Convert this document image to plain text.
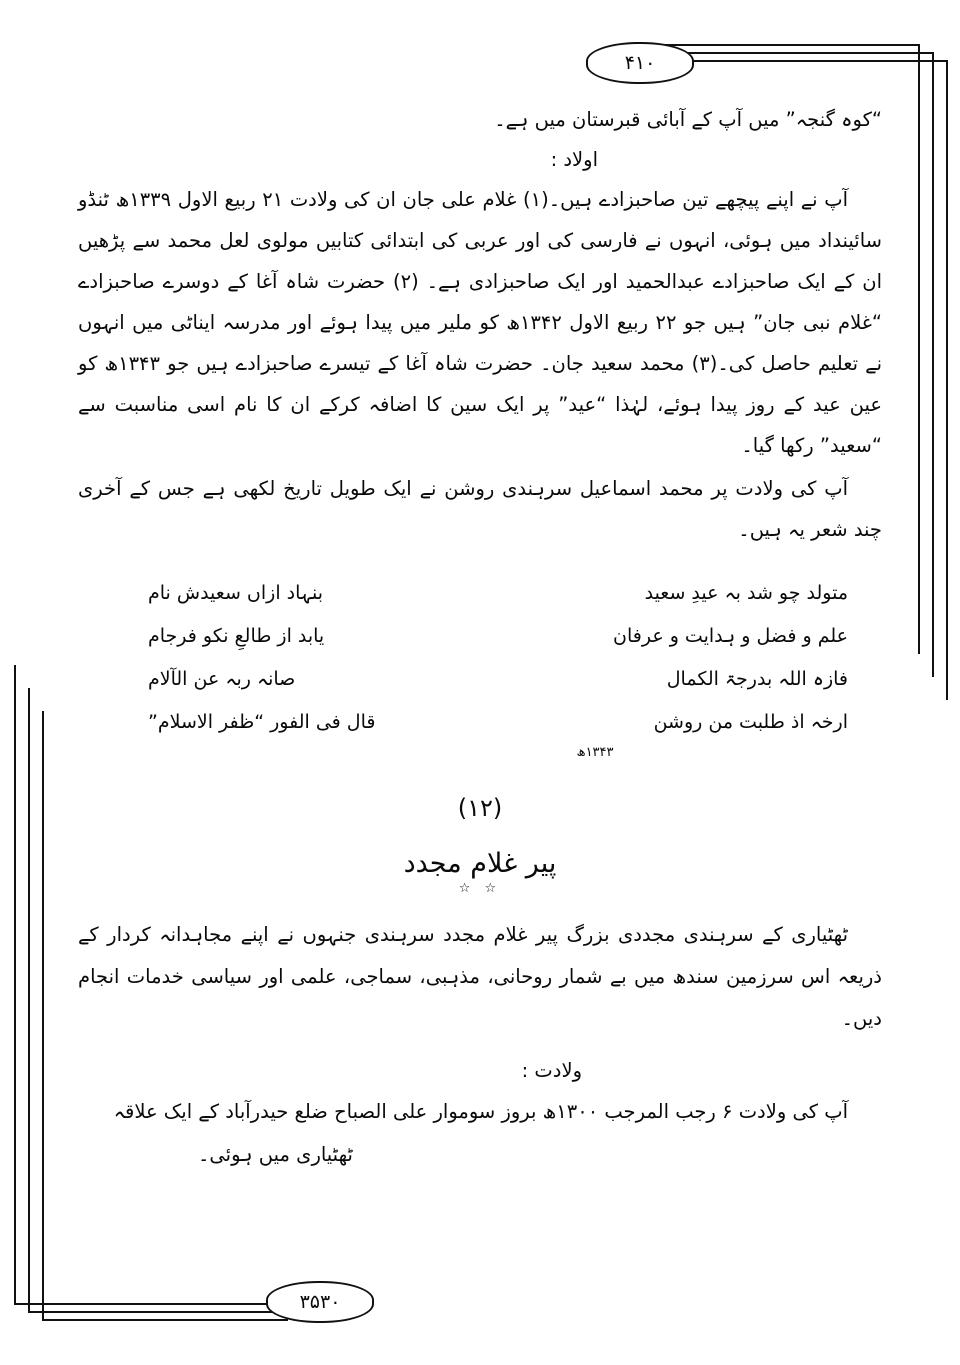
۴۱۰
۳۵۳۰

“کوہ گنجہ” میں آپ کے آبائی قبرستان میں ہے۔

اولاد :

آپ نے اپنے پیچھے تین صاحبزادے ہیں۔(۱) غلام علی جان ان کی ولادت ۲۱ ربیع الاول ۱۳۳۹ھ ٹنڈو سائینداد میں ہوئی، انہوں نے فارسی کی اور عربی کی ابتدائی کتابیں مولوی لعل محمد سے پڑھیں ان کے ایک صاحبزادے عبدالحمید اور ایک صاحبزادی ہے۔ (۲) حضرت شاہ آغا کے دوسرے صاحبزادے “غلام نبی جان” ہیں جو ۲۲ ربیع الاول ۱۳۴۲ھ کو ملیر میں پیدا ہوئے اور مدرسہ ایناٹی میں انہوں نے تعلیم حاصل کی۔(۳) محمد سعید جان۔ حضرت شاہ آغا کے تیسرے صاحبزادے ہیں جو ۱۳۴۳ھ کو عین عید کے روز پیدا ہوئے، لہٰذا “عید” پر ایک سین کا اضافہ کرکے ان کا نام اسی مناسبت سے “سعید” رکھا گیا۔

آپ کی ولادت پر محمد اسماعیل سرہندی روشن نے ایک طویل تاریخ لکھی ہے جس کے آخری چند شعر یہ ہیں۔

متولد چو شد بہ عیدِ سعید
بنہاد ازاں سعیدش نام
علم و فضل و ہدایت و عرفان
یابد از طالعِ نکو فرجام
فازہ اللہ بدرجۃ الکمال
صانہ ربہ عن الآلام
ارخہ اذ طلبت من روشن
قال فی الفور “ظفر الاسلام”
۱۳۴۳ھ
(۱۲)
پیر غلام مجدد
☆ ☆

ٹھٹیاری کے سرہندی مجددی بزرگ پیر غلام مجدد سرہندی جنہوں نے اپنے مجاہدانہ کردار کے ذریعہ اس سرزمین سندھ میں بے شمار روحانی، مذہبی، سماجی، علمی اور سیاسی خدمات انجام دیں۔

ولادت :

آپ کی ولادت ۶ رجب المرجب ۱۳۰۰ھ بروز سوموار علی الصباح ضلع حیدرآباد کے ایک علاقہ

ٹھٹیاری میں ہوئی۔
